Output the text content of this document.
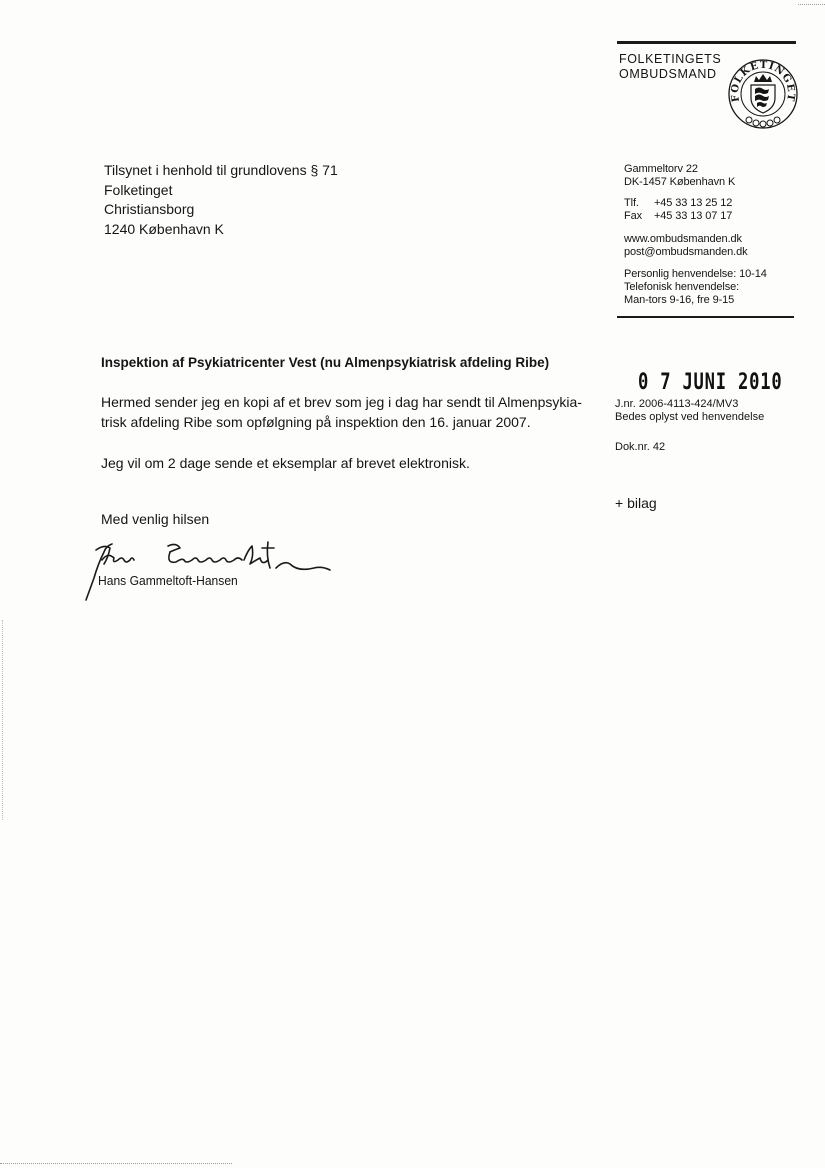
FOLKETINGETS
OMBUDSMAND
FOLKETINGET
Gammeltorv 22
DK-1457 København K
Tlf. +45 33 13 25 12
Fax +45 33 13 07 17
www.ombudsmanden.dk
post@ombudsmanden.dk
Personlig henvendelse: 10-14
Telefonisk henvendelse:
Man-tors 9-16, fre 9-15
Tilsynet i henhold til grundlovens § 71
Folketinget
Christiansborg
1240 København K
Inspektion af Psykiatricenter Vest (nu Almenpsykiatrisk afdeling Ribe)
Hermed sender jeg en kopi af et brev som jeg i dag har sendt til Almenpsykia-
trisk afdeling Ribe som opfølgning på inspektion den 16. januar 2007.
Jeg vil om 2 dage sende et eksemplar af brevet elektronisk.
Med venlig hilsen
Hans Gammeltoft-Hansen
0 7 JUNI 2010
J.nr. 2006-4113-424/MV3
Bedes oplyst ved henvendelse
Dok.nr. 42
+ bilag
